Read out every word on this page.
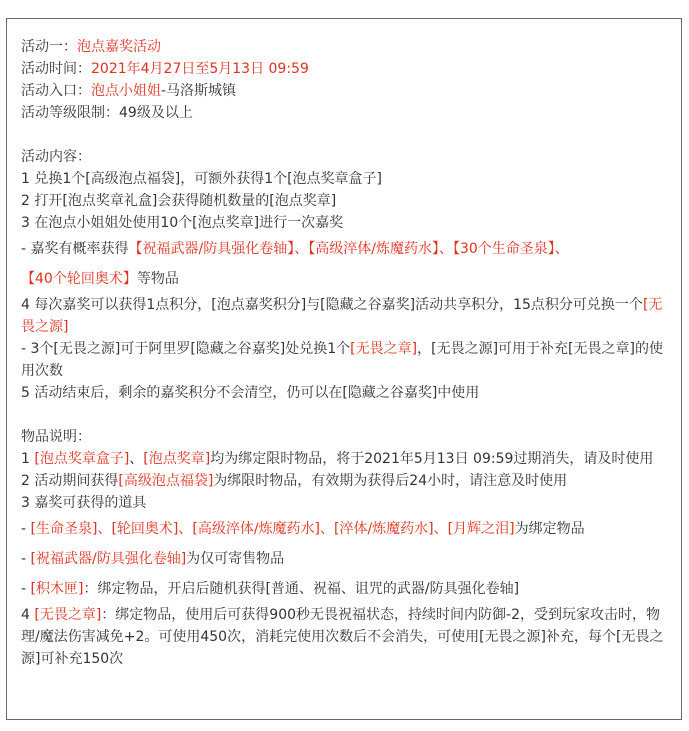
活动一：泡点嘉奖活动

活动时间：2021年4月27日至5月13日 09:59

活动入口：泡点小姐姐-马洛斯城镇

活动等级限制：49级及以上

活动内容：

1 兑换1个[高级泡点福袋]，可额外获得1个[泡点奖章盒子]

2 打开[泡点奖章礼盒]会获得随机数量的[泡点奖章]

3 在泡点小姐姐处使用10个[泡点奖章]进行一次嘉奖

- 嘉奖有概率获得【祝福武器/防具强化卷轴】、【高级淬体/炼魔药水】、【30个生命圣泉】、【40个轮回奥术】等物品

4 每次嘉奖可以获得1点积分，[泡点嘉奖积分]与[隐藏之谷嘉奖]活动共享积分，15点积分可兑换一个[无畏之源]

- 3个[无畏之源]可于阿里罗[隐藏之谷嘉奖]处兑换1个[无畏之章]，[无畏之源]可用于补充[无畏之章]的使用次数

5 活动结束后，剩余的嘉奖积分不会清空，仍可以在[隐藏之谷嘉奖]中使用

物品说明：

1 [泡点奖章盒子]、[泡点奖章]均为绑定限时物品，将于2021年5月13日 09:59过期消失，请及时使用

2 活动期间获得[高级泡点福袋]为绑限时物品，有效期为获得后24小时，请注意及时使用

3 嘉奖可获得的道具

- [生命圣泉]、[轮回奥术]、[高级淬体/炼魔药水]、[淬体/炼魔药水]、[月辉之泪]为绑定物品

- [祝福武器/防具强化卷轴]为仅可寄售物品

- [积木匣]：绑定物品，开启后随机获得[普通、祝福、诅咒的武器/防具强化卷轴]

4 [无畏之章]：绑定物品，使用后可获得900秒无畏祝福状态，持续时间内防御-2，受到玩家攻击时，物理/魔法伤害减免+2。可使用450次，消耗完使用次数后不会消失，可使用[无畏之源]补充，每个[无畏之源]可补充150次
